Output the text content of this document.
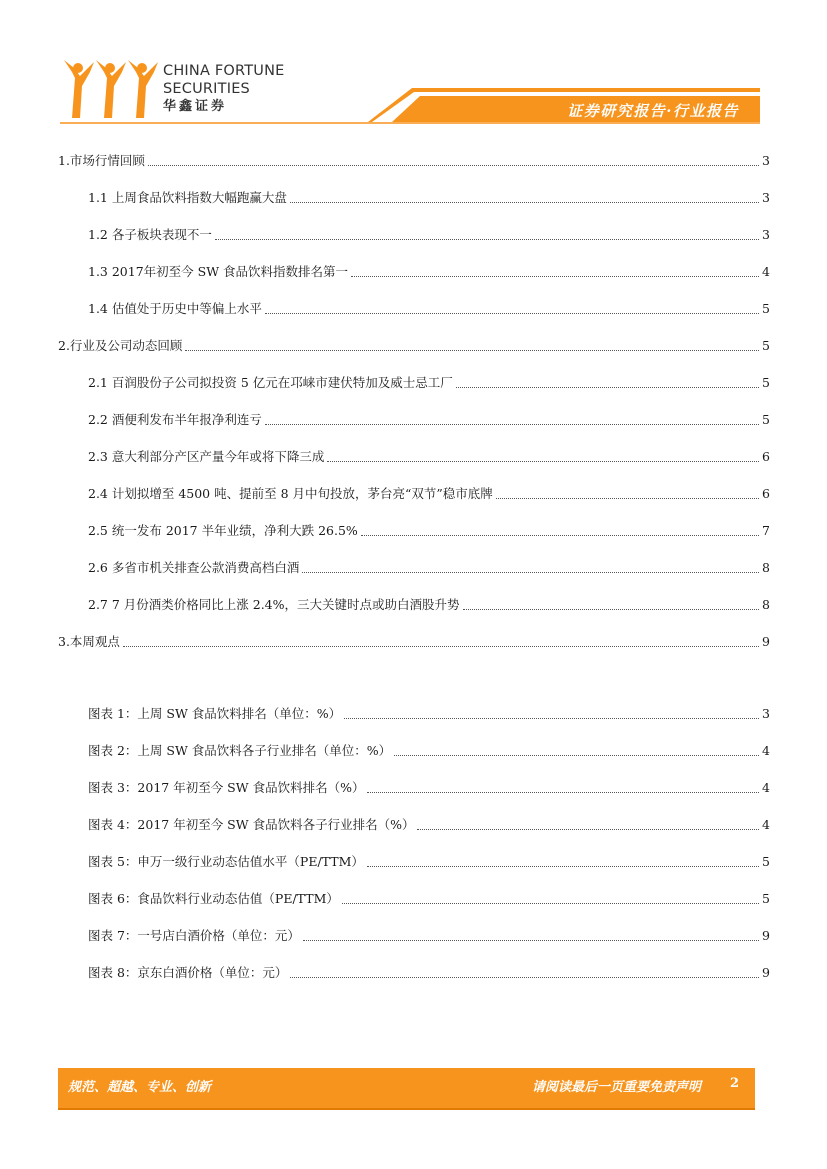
证券研究报告·行业报告
CHINA FORTUNE
SECURITIES
华鑫证券
1.市场行情回顾	3
1.1 上周食品饮料指数大幅跑赢大盘	3
1.2 各子板块表现不一	3
1.3 2017年初至今 SW 食品饮料指数排名第一	4
1.4 估值处于历史中等偏上水平	5
2.行业及公司动态回顾	5
2.1 百润股份子公司拟投资 5 亿元在邛崃市建伏特加及威士忌工厂	5
2.2 酒便利发布半年报净利连亏	5
2.3 意大利部分产区产量今年或将下降三成	6
2.4 计划拟增至 4500 吨、提前至 8 月中旬投放，茅台亮“双节”稳市底牌	6
2.5 统一发布 2017 半年业绩，净利大跌 26.5%	7
2.6 多省市机关排查公款消费高档白酒	8
2.7 7 月份酒类价格同比上涨 2.4%，三大关键时点或助白酒股升势	8
3.本周观点	9
图表 1：上周 SW 食品饮料排名（单位：%）	3
图表 2：上周 SW 食品饮料各子行业排名（单位：%）	4
图表 3：2017 年初至今 SW 食品饮料排名（%）	4
图表 4：2017 年初至今 SW 食品饮料各子行业排名（%）	4
图表 5：申万一级行业动态估值水平（PE/TTM）	5
图表 6：食品饮料行业动态估值（PE/TTM）	5
图表 7：一号店白酒价格（单位：元）	9
图表 8：京东白酒价格（单位：元）	9
规范、超越、专业、创新	请阅读最后一页重要免责声明 2
